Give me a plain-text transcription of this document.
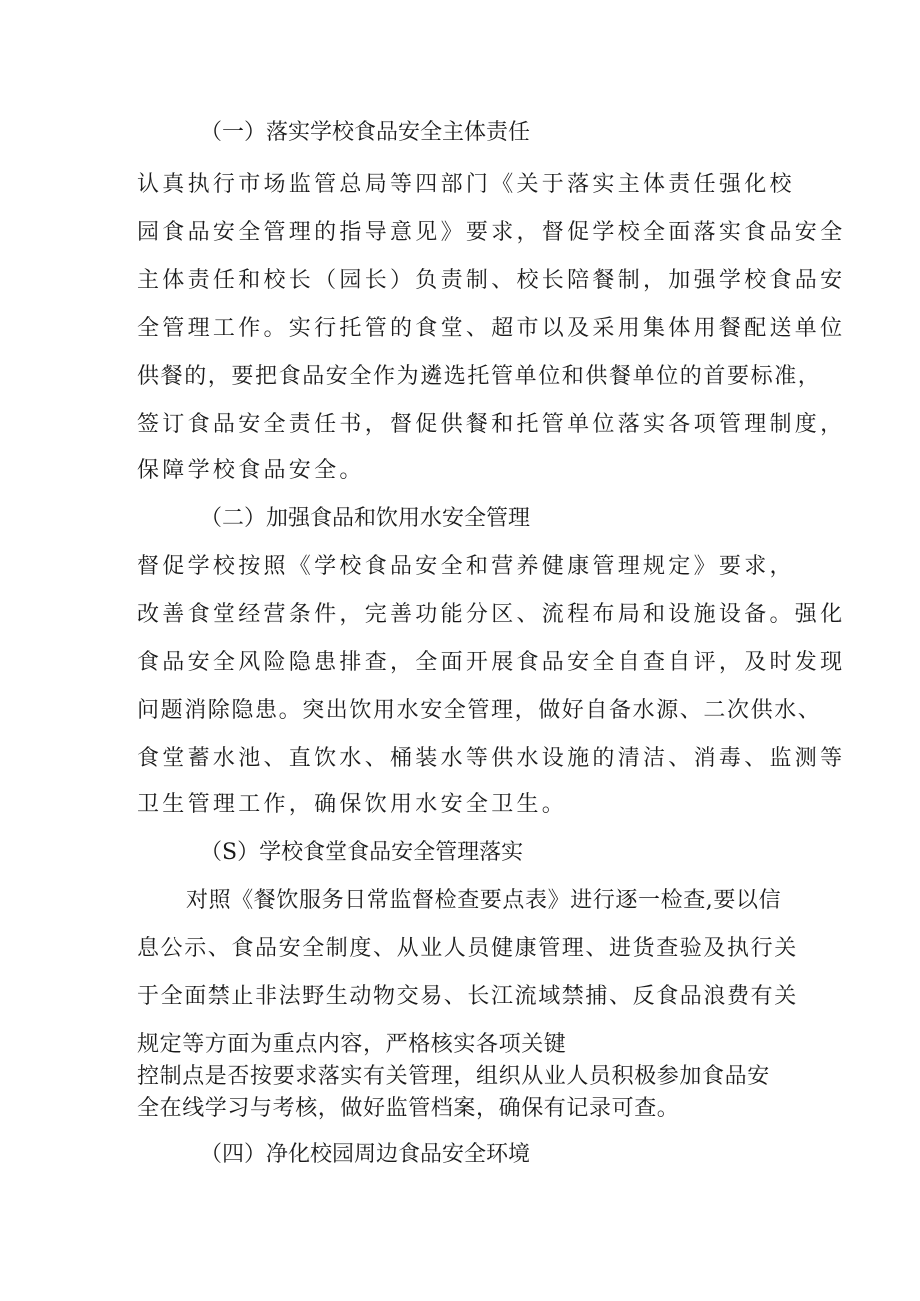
（一）落实学校食品安全主体责任
认真执行市场监管总局等四部门《关于落实主体责任强化校
园食品安全管理的指导意见》要求，督促学校全面落实食品安全
主体责任和校长（园长）负责制、校长陪餐制，加强学校食品安
全管理工作。实行托管的食堂、超市以及采用集体用餐配送单位
供餐的，要把食品安全作为遴选托管单位和供餐单位的首要标准，
签订食品安全责任书，督促供餐和托管单位落实各项管理制度，
保障学校食品安全。
（二）加强食品和饮用水安全管理
督促学校按照《学校食品安全和营养健康管理规定》要求，
改善食堂经营条件，完善功能分区、流程布局和设施设备。强化
食品安全风险隐患排查，全面开展食品安全自查自评，及时发现
问题消除隐患。突出饮用水安全管理，做好自备水源、二次供水、
食堂蓄水池、直饮水、桶装水等供水设施的清洁、消毒、监测等
卫生管理工作，确保饮用水安全卫生。
（S）学校食堂食品安全管理落实
对照《餐饮服务日常监督检查要点表》进行逐一检查,要以信
息公示、食品安全制度、从业人员健康管理、进货查验及执行关
于全面禁止非法野生动物交易、长江流域禁捕、反食品浪费有关
规定等方面为重点内容，严格核实各项关键
控制点是否按要求落实有关管理，组织从业人员积极参加食品安
全在线学习与考核，做好监管档案，确保有记录可查。
（四）净化校园周边食品安全环境
